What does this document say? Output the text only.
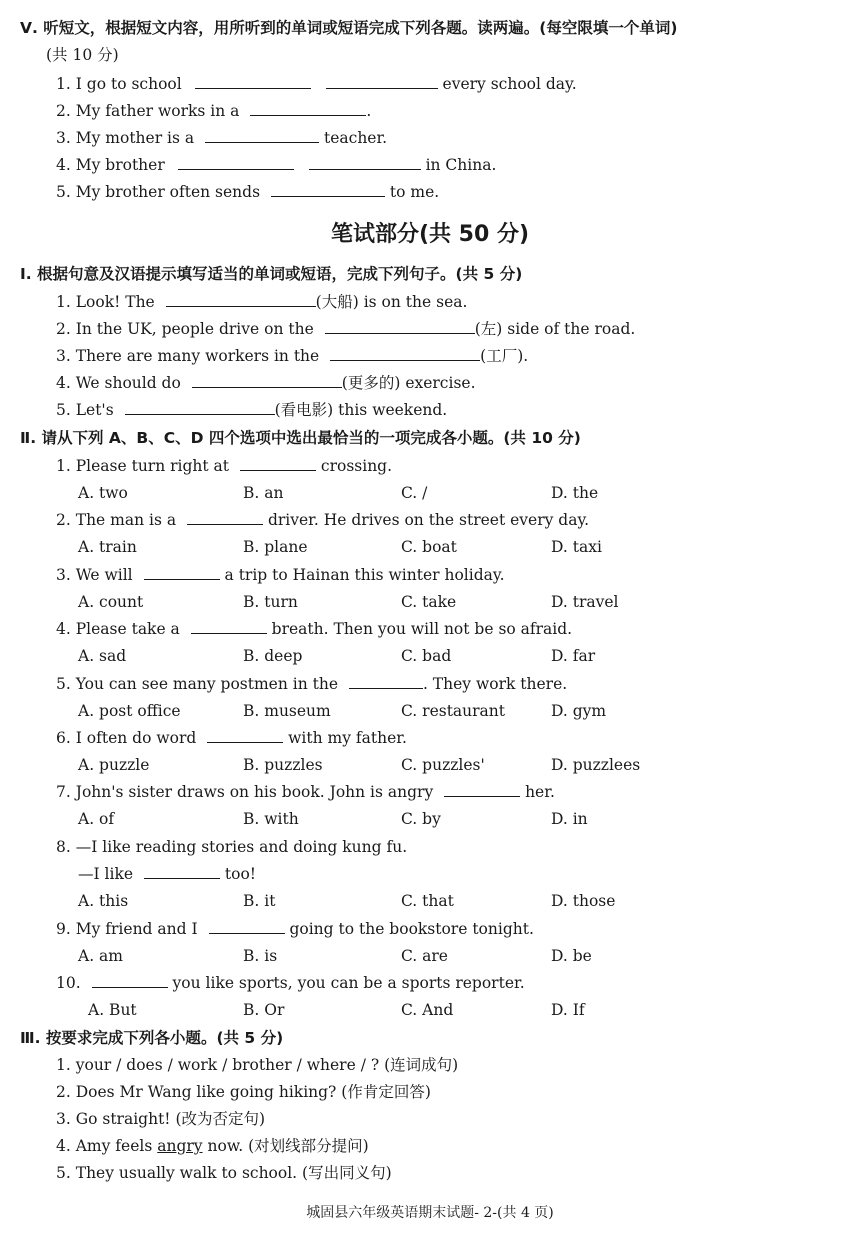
Ⅴ. 听短文，根据短文内容，用所听到的单词或短语完成下列各题。读两遍。(每空限填一个单词)
(共 10 分)
1. I go to school	every school day.
2. My father works in a	.
3. My mother is a	teacher.
4. My brother	in China.
5. My brother often sends	to me.
笔试部分(共 50 分)
Ⅰ. 根据句意及汉语提示填写适当的单词或短语，完成下列句子。(共 5 分)
1. Look! The	(大船) is on the sea.
2. In the UK, people drive on the	(左) side of the road.
3. There are many workers in the	(工厂).
4. We should do	(更多的) exercise.
5. Let's	(看电影) this weekend.
Ⅱ. 请从下列 A、B、C、D 四个选项中选出最恰当的一项完成各小题。(共 10 分)
1. Please turn right at	crossing.
A. two	B. an	C. /	D. the
2. The man is a	driver. He drives on the street every day.
A. train	B. plane	C. boat	D. taxi
3. We will	a trip to Hainan this winter holiday.
A. count	B. turn	C. take	D. travel
4. Please take a	breath. Then you will not be so afraid.
A. sad	B. deep	C. bad	D. far
5. You can see many postmen in the	. They work there.
A. post office	B. museum	C. restaurant	D. gym
6. I often do word	with my father.
A. puzzle	B. puzzles	C. puzzles'	D. puzzlees
7. John's sister draws on his book. John is angry	her.
A. of	B. with	C. by	D. in
8. —I like reading stories and doing kung fu.
—I like	too!
A. this	B. it	C. that	D. those
9. My friend and I	going to the bookstore tonight.
A. am	B. is	C. are	D. be
10.	you like sports, you can be a sports reporter.
A. But	B. Or	C. And	D. If
Ⅲ. 按要求完成下列各小题。(共 5 分)
1. your / does / work / brother / where / ? (连词成句)
2. Does Mr Wang like going hiking? (作肯定回答)
3. Go straight! (改为否定句)
4. Amy feels angry now. (对划线部分提问)
5. They usually walk to school. (写出同义句)
城固县六年级英语期末试题- 2-(共 4 页)
